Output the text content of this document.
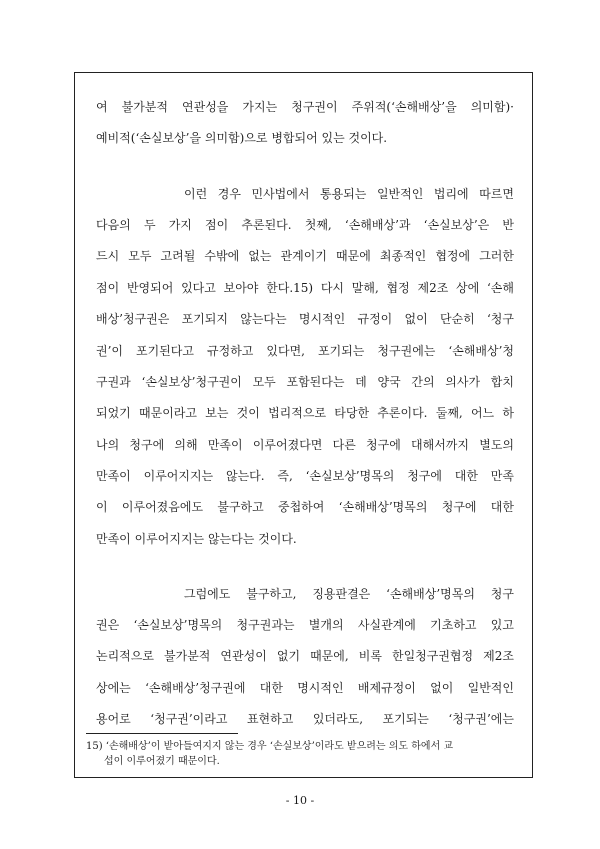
여 불가분적 연관성을 가지는 청구권이 주위적(‘손해배상’을 의미함)·
예비적(‘손실보상’을 의미함)으로 병합되어 있는 것이다.
이런 경우 민사법에서 통용되는 일반적인 법리에 따르면
다음의 두 가지 점이 추론된다. 첫째, ‘손해배상’과 ‘손실보상’은 반
드시 모두 고려될 수밖에 없는 관계이기 때문에 최종적인 협정에 그러한
점이 반영되어 있다고 보아야 한다.15) 다시 말해, 협정 제2조 상에 ‘손해
배상’청구권은 포기되지 않는다는 명시적인 규정이 없이 단순히 ‘청구
권’이 포기된다고 규정하고 있다면, 포기되는 청구권에는 ‘손해배상’청
구권과 ‘손실보상’청구권이 모두 포함된다는 데 양국 간의 의사가 합치
되었기 때문이라고 보는 것이 법리적으로 타당한 추론이다. 둘째, 어느 하
나의 청구에 의해 만족이 이루어졌다면 다른 청구에 대해서까지 별도의
만족이 이루어지지는 않는다. 즉, ‘손실보상’명목의 청구에 대한 만족
이 이루어졌음에도 불구하고 중첩하여 ‘손해배상’명목의 청구에 대한
만족이 이루어지지는 않는다는 것이다.
그럼에도 불구하고, 징용판결은 ‘손해배상’명목의 청구
권은 ‘손실보상’명목의 청구권과는 별개의 사실관계에 기초하고 있고
논리적으로 불가분적 연관성이 없기 때문에, 비록 한일청구권협정 제2조
상에는 ‘손해배상’청구권에 대한 명시적인 배제규정이 없이 일반적인
용어로 ‘청구권’이라고 표현하고 있더라도, 포기되는 ‘청구권’에는
15) ‘손해배상’이 받아들여지지 않는 경우 ‘손실보상’이라도 받으려는 의도 하에서 교
섭이 이루어졌기 때문이다.
- 10 -
